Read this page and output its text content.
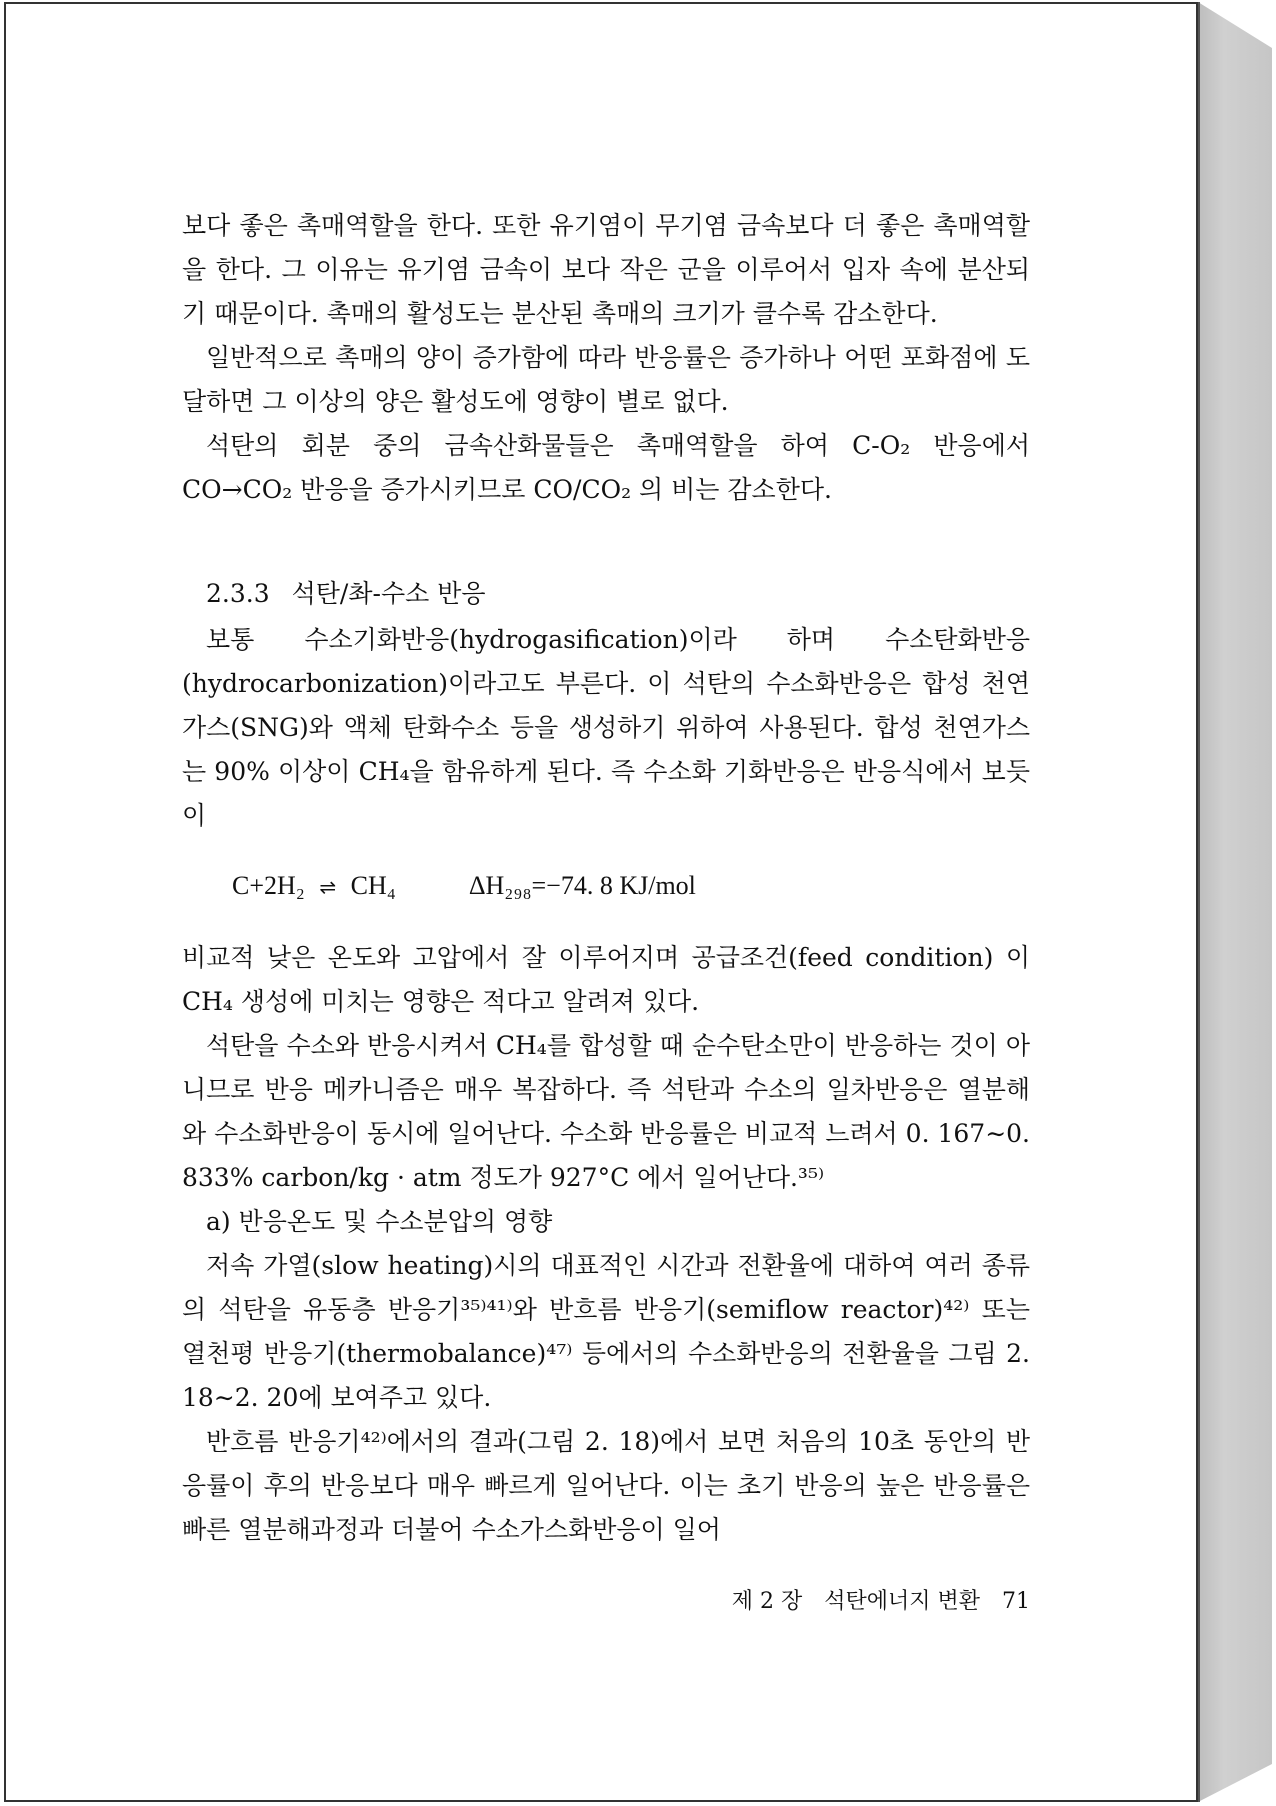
보다 좋은 촉매역할을 한다. 또한 유기염이 무기염 금속보다 더 좋은 촉매역할을 한다. 그 이유는 유기염 금속이 보다 작은 군을 이루어서 입자 속에 분산되기 때문이다. 촉매의 활성도는 분산된 촉매의 크기가 클수록 감소한다.

일반적으로 촉매의 양이 증가함에 따라 반응률은 증가하나 어떤 포화점에 도달하면 그 이상의 양은 활성도에 영향이 별로 없다.

석탄의 회분 중의 금속산화물들은 촉매역할을 하여 C-O₂ 반응에서 CO→CO₂ 반응을 증가시키므로 CO/CO₂ 의 비는 감소한다.

2.3.3 석탄/촤-수소 반응

보통 수소기화반응(hydrogasification)이라 하며 수소탄화반응(hydrocarbonization)이라고도 부른다. 이 석탄의 수소화반응은 합성 천연가스(SNG)와 액체 탄화수소 등을 생성하기 위하여 사용된다. 합성 천연가스는 90% 이상이 CH₄을 함유하게 된다. 즉 수소화 기화반응은 반응식에서 보듯이

C+2H₂ ⇌ CH₄	ΔH₂₉₈=−74. 8 KJ/mol

비교적 낮은 온도와 고압에서 잘 이루어지며 공급조건(feed condition) 이 CH₄ 생성에 미치는 영향은 적다고 알려져 있다.

석탄을 수소와 반응시켜서 CH₄를 합성할 때 순수탄소만이 반응하는 것이 아니므로 반응 메카니즘은 매우 복잡하다. 즉 석탄과 수소의 일차반응은 열분해와 수소화반응이 동시에 일어난다. 수소화 반응률은 비교적 느려서 0. 167∼0. 833% carbon/kg · atm 정도가 927°C 에서 일어난다.³⁵⁾

a) 반응온도 및 수소분압의 영향

저속 가열(slow heating)시의 대표적인 시간과 전환율에 대하여 여러 종류의 석탄을 유동층 반응기³⁵⁾⁴¹⁾와 반흐름 반응기(semiflow reactor)⁴²⁾ 또는 열천평 반응기(thermobalance)⁴⁷⁾ 등에서의 수소화반응의 전환율을 그림 2. 18∼2. 20에 보여주고 있다.

반흐름 반응기⁴²⁾에서의 결과(그림 2. 18)에서 보면 처음의 10초 동안의 반응률이 후의 반응보다 매우 빠르게 일어난다. 이는 초기 반응의 높은 반응률은 빠른 열분해과정과 더불어 수소가스화반응이 일어

제 2 장 석탄에너지 변환 71
